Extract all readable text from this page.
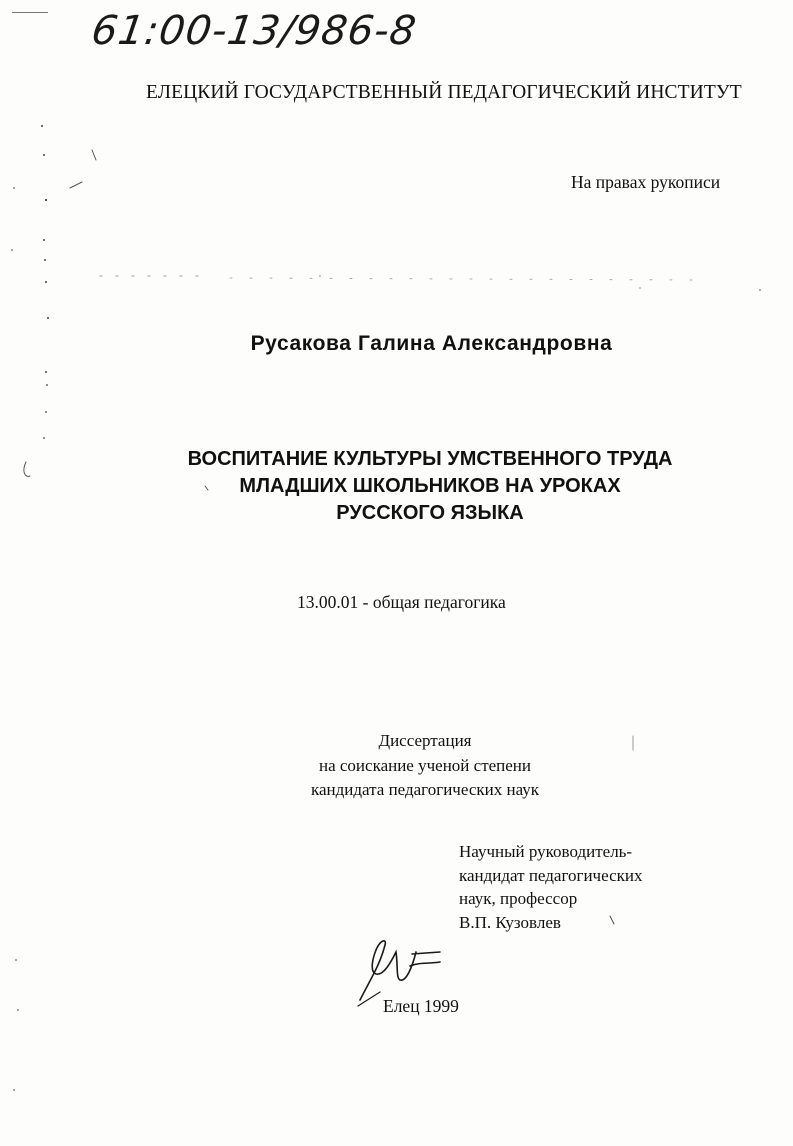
61:00-13/986-8
ЕЛЕЦКИЙ ГОСУДАРСТВЕННЫЙ ПЕДАГОГИЧЕСКИЙ ИНСТИТУТ
На правах рукописи
Русакова Галина Александровна
ВОСПИТАНИЕ КУЛЬТУРЫ УМСТВЕННОГО ТРУДА
МЛАДШИХ ШКОЛЬНИКОВ НА УРОКАХ
РУССКОГО ЯЗЫКА
13.00.01 - общая педагогика
Диссертация
на соискание ученой степени
кандидата педагогических наук
Научный руководитель-
кандидат педагогических
наук, профессор
В.П. Кузовлев
Елец 1999
